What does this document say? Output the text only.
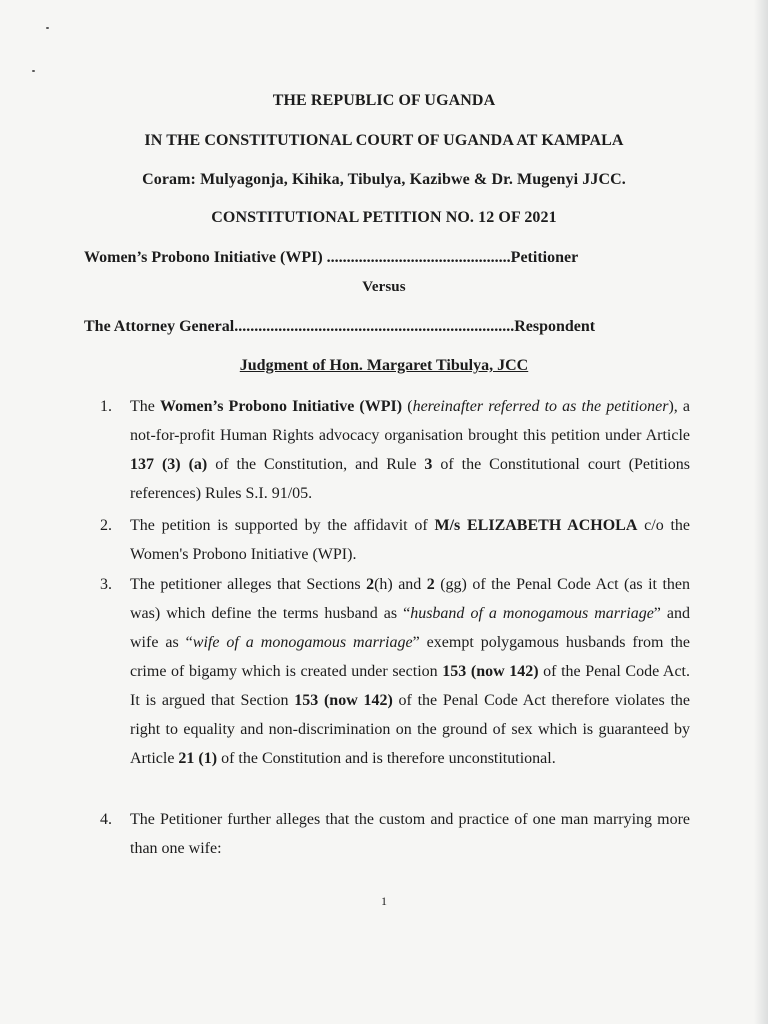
THE REPUBLIC OF UGANDA
IN THE CONSTITUTIONAL COURT OF UGANDA AT KAMPALA
Coram: Mulyagonja, Kihika, Tibulya, Kazibwe & Dr. Mugenyi JJCC.
CONSTITUTIONAL PETITION NO. 12 OF 2021
Women’s Probono Initiative (WPI) ..............................................Petitioner
Versus
The Attorney General......................................................................Respondent
Judgment of Hon. Margaret Tibulya, JCC
1.	The Women’s Probono Initiative (WPI) (hereinafter referred to as the petitioner), a not-for-profit Human Rights advocacy organisation brought this petition under Article 137 (3) (a) of the Constitution, and Rule 3 of the Constitutional court (Petitions references) Rules S.I. 91/05.
2.	The petition is supported by the affidavit of M/s ELIZABETH ACHOLA c/o the Women's Probono Initiative (WPI).
3.	The petitioner alleges that Sections 2(h) and 2 (gg) of the Penal Code Act (as it then was) which define the terms husband as “husband of a monogamous marriage” and wife as “wife of a monogamous marriage” exempt polygamous husbands from the crime of bigamy which is created under section 153 (now 142) of the Penal Code Act. It is argued that Section 153 (now 142) of the Penal Code Act therefore violates the right to equality and non-discrimination on the ground of sex which is guaranteed by Article 21 (1) of the Constitution and is therefore unconstitutional.
4.	The Petitioner further alleges that the custom and practice of one man marrying more than one wife:
1
